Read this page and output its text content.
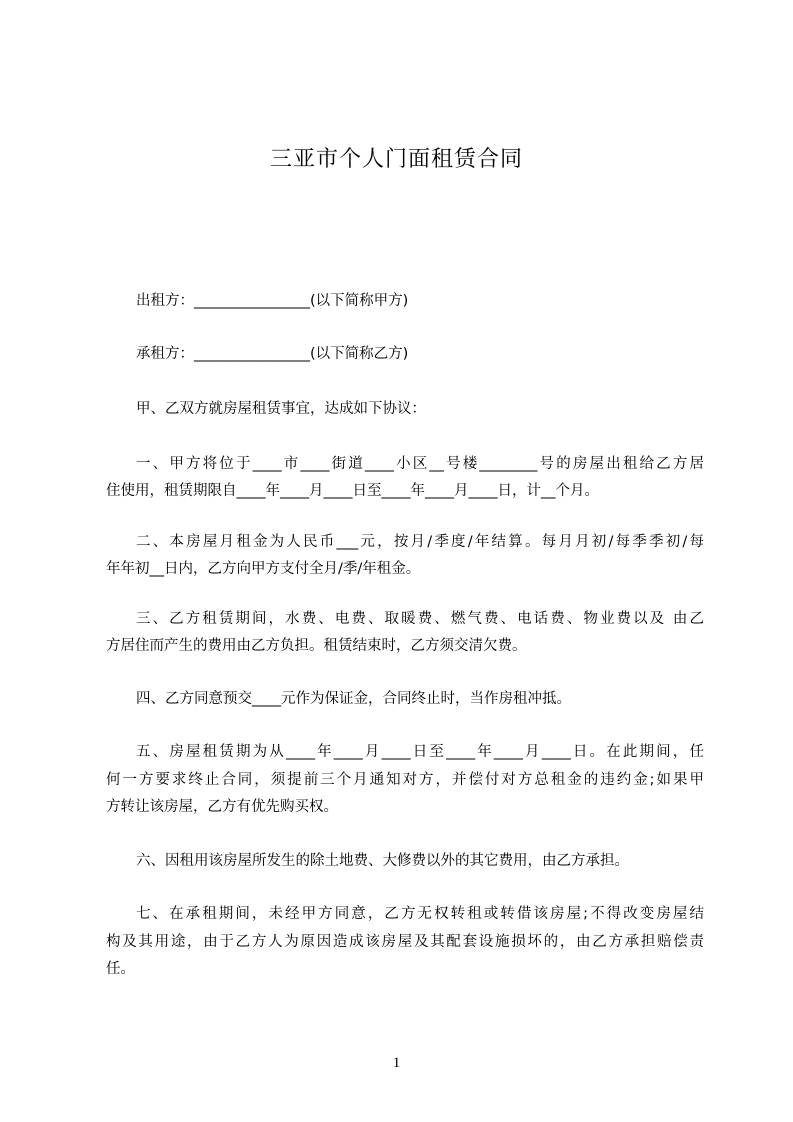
三亚市个人门面租赁合同
出租方：________________(以下简称甲方)
承租方：________________(以下简称乙方)
甲、乙双方就房屋租赁事宜，达成如下协议：
一、甲方将位于____市____街道____小区__号楼________号的房屋出租给乙方居
住使用，租赁期限自____年____月____日至____年____月____日，计__个月。
二、本房屋月租金为人民币___元，按月/季度/年结算。每月月初/每季季初/每
年年初__日内，乙方向甲方支付全月/季/年租金。
三、乙方租赁期间，水费、电费、取暖费、燃气费、电话费、物业费以及 由乙
方居住而产生的费用由乙方负担。租赁结束时，乙方须交清欠费。
四、乙方同意预交____元作为保证金，合同终止时，当作房租冲抵。
五、房屋租赁期为从____年____月____日至____年____月____日。在此期间，任
何一方要求终止合同，须提前三个月通知对方，并偿付对方总租金的违约金;如果甲
方转让该房屋，乙方有优先购买权。
六、因租用该房屋所发生的除土地费、大修费以外的其它费用，由乙方承担。
七、在承租期间，未经甲方同意，乙方无权转租或转借该房屋;不得改变房屋结
构及其用途，由于乙方人为原因造成该房屋及其配套设施损坏的，由乙方承担赔偿责
任。
1
